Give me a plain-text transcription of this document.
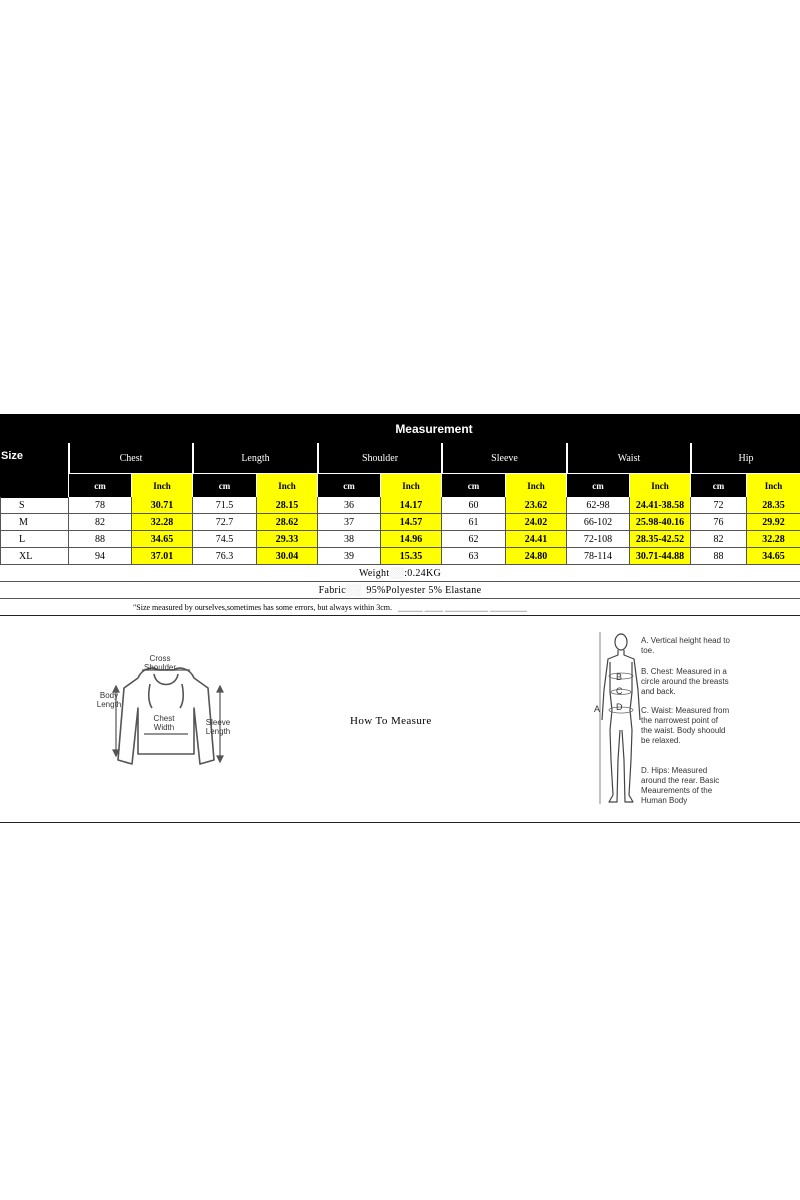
Size
Measurement
Chest	Length	Shoulder	Sleeve	Waist	Hip
cm	Inch	cm	Inch	cm	Inch	cm	Inch	cm	Inch	cm	Inch
S	78	30.71	71.5	28.15	36	14.17	60	23.62	62-98	24.41-38.58	72	28.35
M	82	32.28	72.7	28.62	37	14.57	61	24.02	66-102	25.98-40.16	76	29.92
L	88	34.65	74.5	29.33	38	14.96	62	24.41	72-108	28.35-42.52	82	32.28
XL	94	37.01	76.3	30.04	39	15.35	63	24.80	78-114	30.71-44.88	88	34.65
Weight ░░ : 0.24KG
Fabric ░░ 95%Polyester 5% Elastane
"Size measured by ourselves,sometimes has some errors, but always within 3cm. ▁▁▁▁ ▁▁▁ ▁▁▁▁▁▁▁ ▁▁▁▁▁▁
Cross Shoulder
Body Length
Chest Width
Sleeve Length
How To Measure
A
B
C
D
A. Vertical height head to toe.
B. Chest: Measured in a circle around the breasts and back.
C. Waist: Measured from the narrowest point of the waist. Body shoould be relaxed.
D. Hips: Measured around the rear. Basic Meaurements of the Human Body
